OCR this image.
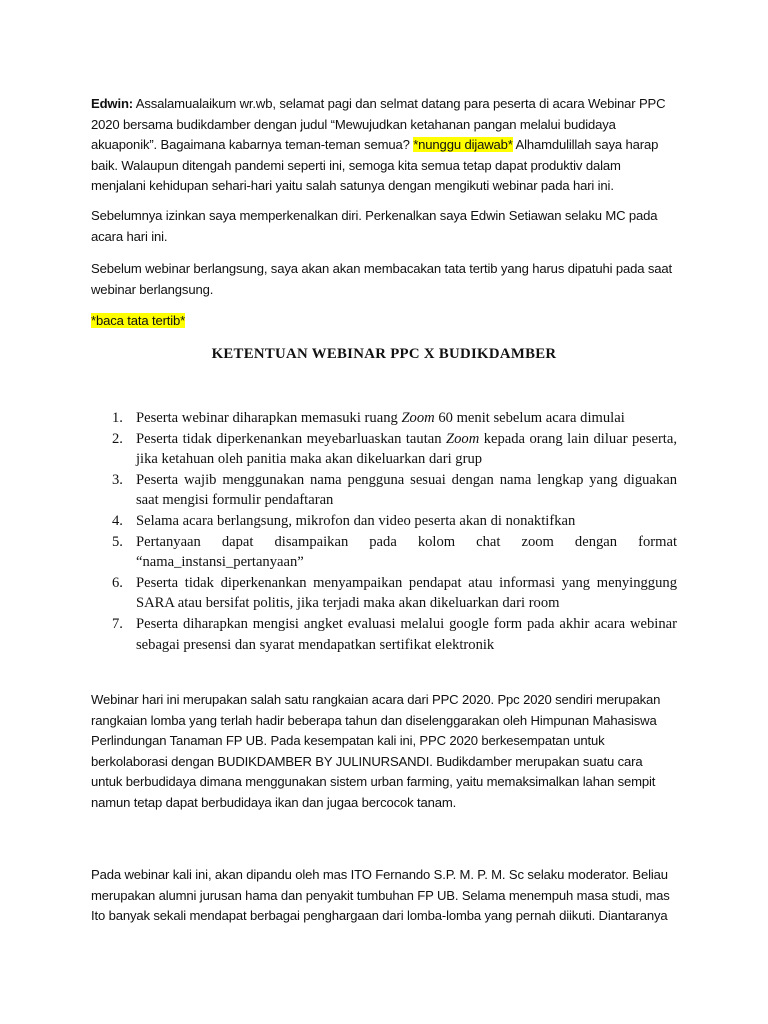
Edwin: Assalamualaikum wr.wb, selamat pagi dan selmat datang para peserta di acara Webinar PPC 2020 bersama budikdamber dengan judul “Mewujudkan ketahanan pangan melalui budidaya akuaponik”. Bagaimana kabarnya teman-teman semua? *nunggu dijawab* Alhamdulillah saya harap baik. Walaupun ditengah pandemi seperti ini, semoga kita semua tetap dapat produktiv dalam menjalani kehidupan sehari-hari yaitu salah satunya dengan mengikuti webinar pada hari ini.

Sebelumnya izinkan saya memperkenalkan diri. Perkenalkan saya Edwin Setiawan selaku MC pada acara hari ini.

Sebelum webinar berlangsung, saya akan akan membacakan tata tertib yang harus dipatuhi pada saat webinar berlangsung.

*baca tata tertib*

KETENTUAN WEBINAR PPC X BUDIKDAMBER
1. Peserta webinar diharapkan memasuki ruang Zoom 60 menit sebelum acara dimulai
2. Peserta tidak diperkenankan meyebarluaskan tautan Zoom kepada orang lain diluar peserta, jika ketahuan oleh panitia maka akan dikeluarkan dari grup
3. Peserta wajib menggunakan nama pengguna sesuai dengan nama lengkap yang diguakan saat mengisi formulir pendaftaran
4. Selama acara berlangsung, mikrofon dan video peserta akan di nonaktifkan
5. Pertanyaan dapat disampaikan pada kolom chat zoom dengan format “nama_instansi_pertanyaan”
6. Peserta tidak diperkenankan menyampaikan pendapat atau informasi yang menyinggung SARA atau bersifat politis, jika terjadi maka akan dikeluarkan dari room
7. Peserta diharapkan mengisi angket evaluasi melalui google form pada akhir acara webinar sebagai presensi dan syarat mendapatkan sertifikat elektronik

Webinar hari ini merupakan salah satu rangkaian acara dari PPC 2020. Ppc 2020 sendiri merupakan rangkaian lomba yang terlah hadir beberapa tahun dan diselenggarakan oleh Himpunan Mahasiswa Perlindungan Tanaman FP UB. Pada kesempatan kali ini, PPC 2020 berkesempatan untuk berkolaborasi dengan BUDIKDAMBER BY JULINURSANDI. Budikdamber merupakan suatu cara untuk berbudidaya dimana menggunakan sistem urban farming, yaitu memaksimalkan lahan sempit namun tetap dapat berbudidaya ikan dan jugaa bercocok tanam.

Pada webinar kali ini, akan dipandu oleh mas ITO Fernando S.P. M. P. M. Sc selaku moderator. Beliau merupakan alumni jurusan hama dan penyakit tumbuhan FP UB. Selama menempuh masa studi, mas Ito banyak sekali mendapat berbagai penghargaan dari lomba-lomba yang pernah diikuti. Diantaranya
